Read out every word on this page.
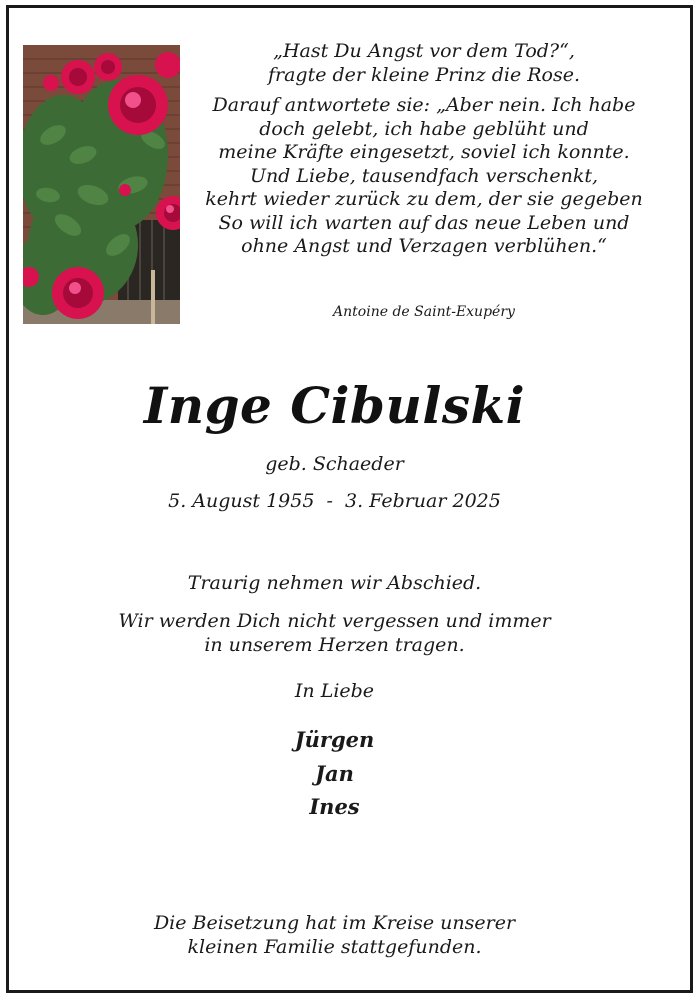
„Hast Du Angst vor dem Tod?“,
fragte der kleine Prinz die Rose.

Darauf antwortete sie: „Aber nein. Ich habe
doch gelebt, ich habe geblüht und
meine Kräfte eingesetzt, soviel ich konnte.
Und Liebe, tausendfach verschenkt,
kehrt wieder zurück zu dem, der sie gegeben
So will ich warten auf das neue Leben und
ohne Angst und Verzagen verblühen.“

Antoine de Saint-Exupéry
Inge Cibulski
geb. Schaeder
5. August 1955  -  3. Februar 2025
Traurig nehmen wir Abschied.
Wir werden Dich nicht vergessen und immer
in unserem Herzen tragen.
In Liebe
Jürgen
Jan
Ines
Die Beisetzung hat im Kreise unserer
kleinen Familie stattgefunden.
